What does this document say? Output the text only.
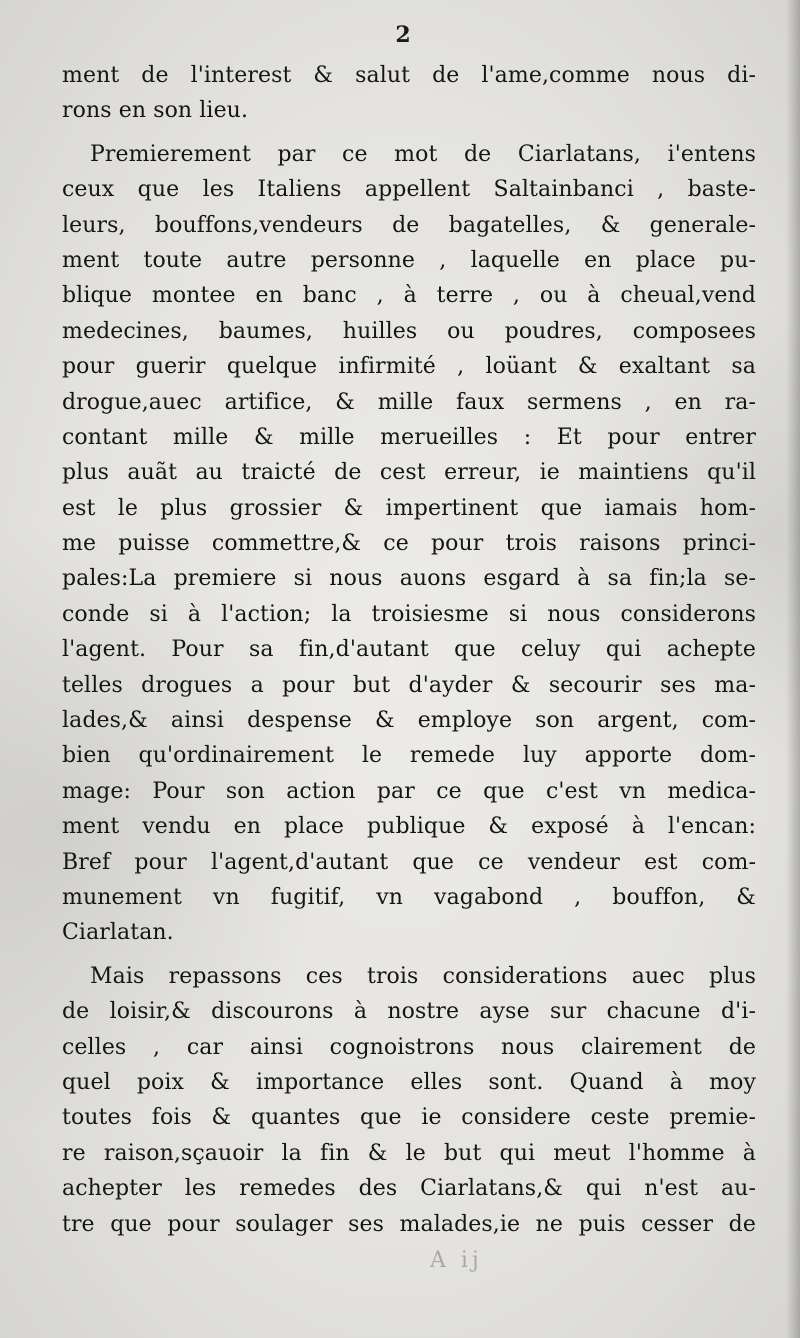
2
ment de l'interest & salut de l'ame,comme nous di-
rons en son lieu.
Premierement par ce mot de Ciarlatans, i'entens
ceux que les Italiens appellent Saltainbanci , baste-
leurs, bouffons,vendeurs de bagatelles, & generale-
ment toute autre personne , laquelle en place pu-
blique montee en banc , à terre , ou à cheual,vend
medecines, baumes, huilles ou poudres, composees
pour guerir quelque infirmité , loüant & exaltant sa
drogue,auec artifice, & mille faux sermens , en ra-
contant mille & mille merueilles : Et pour entrer
plus auãt au traicté de cest erreur, ie maintiens qu'il
est le plus grossier & impertinent que iamais hom-
me puisse commettre,& ce pour trois raisons princi-
pales:La premiere si nous auons esgard à sa fin;la se-
conde si à l'action; la troisiesme si nous considerons
l'agent. Pour sa fin,d'autant que celuy qui achepte
telles drogues a pour but d'ayder & secourir ses ma-
lades,& ainsi despense & employe son argent, com-
bien qu'ordinairement le remede luy apporte dom-
mage: Pour son action par ce que c'est vn medica-
ment vendu en place publique & exposé à l'encan:
Bref pour l'agent,d'autant que ce vendeur est com-
munement vn fugitif, vn vagabond , bouffon, &
Ciarlatan.
Mais repassons ces trois considerations auec plus
de loisir,& discourons à nostre ayse sur chacune d'i-
celles , car ainsi cognoistrons nous clairement de
quel poix & importance elles sont. Quand à moy
toutes fois & quantes que ie considere ceste premie-
re raison,sçauoir la fin & le but qui meut l'homme à
achepter les remedes des Ciarlatans,& qui n'est au-
tre que pour soulager ses malades,ie ne puis cesser de
A ij
